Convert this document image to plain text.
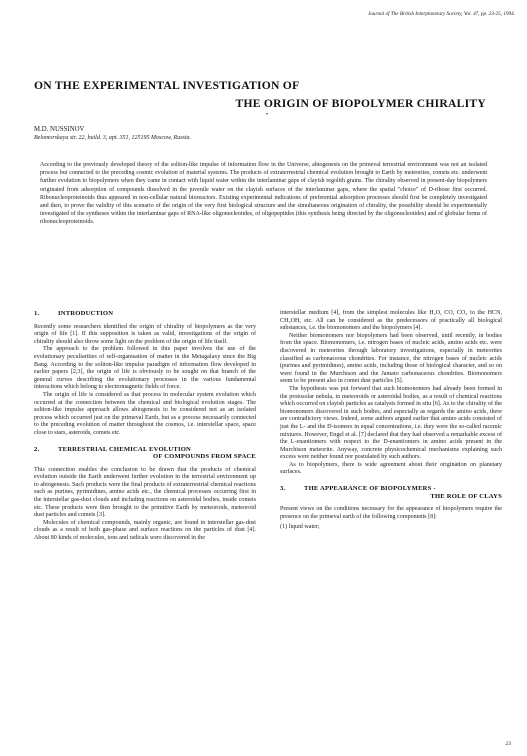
Journal of The British Interplanetary Society, Vol. 47, pp. 23-25, 1994.
ON THE EXPERIMENTAL INVESTIGATION OF
THE ORIGIN OF BIOPOLYMER CHIRALITY
•
M.D. NUSSINOV
Belomorskaya str. 22, build. 3, apt. 351, 125195 Moscow, Russia.
According to the previously developed theory of the soliton-like impulse of information flow in the Universe, abiogenesis on the primeval terrestrial environment was not an isolated process but connected to the preceding cosmic evolution of material systems. The products of extraterrestrial chemical evolution brought to Earth by meteorites, comets etc. underwent further evolution to biopolymers when they came in contact with liquid water within the interlaminar gaps of clayish regolith grains. The chirality observed in present-day biopolymers originated from adsorption of compounds dissolved in the juvenile water on the clayish surfaces of the interlaminar gaps, where the spatial "choice" of D-ribose first occurred. Ribonucleoproteinoids thus appeared in non-cellular natural bioreactors. Existing experimental indications of preferential adsorption processes should first be completely investigated and then, to prove the validity of this scenario of the origin of the very first biological structure and the simultaneous origination of chirality, the possibility should be experimentally investigated of the syntheses within the interlaminar gaps of RNA-like oligonucleotides, of oligopeptides (this synthesis being directed by the oligonucleotides) and of globular forms of ribonucleoproteinoids.
1.	INTRODUCTION

Recently some researchers identified the origin of chirality of biopolymers as the very origin of life [1]. If this supposition is taken as valid, investigations of the origin of chirality should also throw some light on the problem of the origin of life itself.

The approach to the problem followed in this paper involves the use of the evolutionary peculiarities of self-organisation of matter in the Metagalaxy since the Big Bang. According to the soliton-like impulse paradigm of information flow developed in earlier papers [2,3], the origin of life is obviously to be sought on that branch of the general curves describing the evolutionary processes in the various fundamental interactions which belong to electromagnetic fields of force.

The origin of life is considered as that process in molecular system evolution which occurred at the connection between the chemical and biological evolution stages. The soliton-like impulse approach allows abiogenesis to be considered not as an isolated process which occurred just on the primeval Earth, but as a process necessarily connected to the preceding evolution of matter throughout the cosmos, i.e. interstellar space, space close to stars, asteroids, comets etc.

2.	TERRESTRIAL CHEMICAL EVOLUTION
OF COMPOUNDS FROM SPACE

This connection enables the conclusion to be drawn that the products of chemical evolution outside the Earth underwent further evolution in the terrestrial environment up to abiogenesis. Such products were the final products of extraterrestrial chemical reactions such as purines, pyrimidines, amino acids etc., the chemical processes occurring first in the interstellar gas-dust clouds and including reactions on asteroidal bodies, inside comets etc. These products were then brought to the primitive Earth by meteoroids, meteoroid dust particles and comets [3].

Molecules of chemical compounds, mainly organic, are found in interstellar gas-dust clouds as a result of both gas-phase and surface reactions on the particles of dust [4]. About 80 kinds of molecules, ions and radicals were discovered in the

interstellar medium [4], from the simplest molecules like H₂O, CO, CO₂ to the HCN, CH₃OH, etc. All can be considered as the predecessors of practically all biological substances, i.e. the biomonomers and the biopolymers [4].

Neither biomonomers nor biopolymers had been observed, until recently, in bodies from the space. Biomonomers, i.e. nitrogen bases of nucleic acids, amino acids etc. were discovered in meteorites through laboratory investigations, especially in meteorites classified as carbonaceous chondrites. For instance, the nitrogen bases of nucleic acids (purines and pyrimidines), amino acids, including those of biological character, and so on were found in the Murchison and the Jamato carbonaceous chondrites. Biomonomers seem to be present also in comet dust particles [5].

The hypothesis was put forward that such biomonomers had already been formed in the protosolar nebula, in meteoroids or asteroidal bodies, as a result of chemical reactions which occurred on clayish particles as catalysts formed in situ [6]. As to the chirality of the biomonomers discovered in such bodies, and especially as regards the amino acids, there are contradictory views. Indeed, some authors argued earlier that amino acids consisted of just the L- and the D-isomers in equal concentrations, i.e. they were the so-called racemic mixtures. However, Engel et al. [7] declared that they had observed a remarkable excess of the L-enantiomers with respect to the D-enantiomers in amino acids present in the Murchison meteorite. Anyway, concrete physicochemical mechanisms explaining such excess were neither found nor postulated by such authors.

As to biopolymers, there is wide agreement about their origination on planetary surfaces.

3.	THE APPEARANCE OF BIOPOLYMERS -
THE ROLE OF CLAYS

Present views on the conditions necessary for the appearance of biopolymers require the presence on the primeval earth of the following components [8]:

(1) liquid water;

23
